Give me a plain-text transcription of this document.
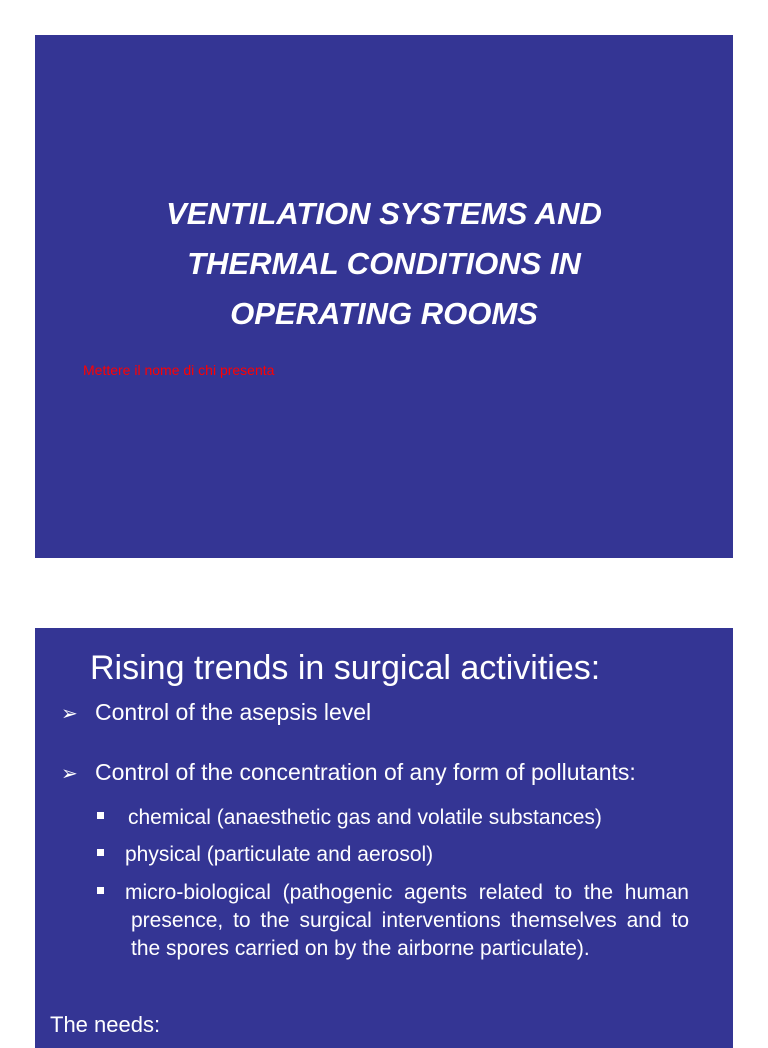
VENTILATION SYSTEMS AND
THERMAL CONDITIONS IN
OPERATING ROOMS
Mettere il nome di chi presenta
Rising trends in surgical activities:
➢ Control of the asepsis level
➢ Control of the concentration of any form of pollutants:
chemical (anaesthetic gas and volatile substances)
physical (particulate and aerosol)
micro-biological (pathogenic agents related to the human presence, to the surgical interventions themselves and to the spores carried on by the airborne particulate).
The needs:
